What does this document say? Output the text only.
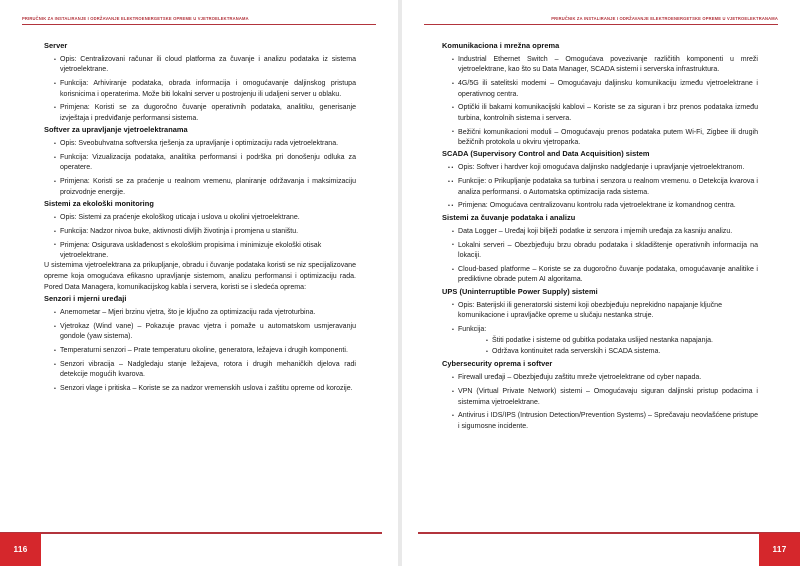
PRIRUČNIK ZA INSTALIRANJE I ODRŽAVANJE ELEKTROENERGETSKE OPREME U VJETROELEKTRANAMA
Server
• Opis: Centralizovani računar ili cloud platforma za čuvanje i analizu podataka iz sistema vjetroelektrane.
• Funkcija: Arhiviranje podataka, obrada informacija i omogućavanje daljinskog pristupa korisnicima i operaterima. Može biti lokalni server u postrojenju ili udaljeni server u oblaku.
• Primjena: Koristi se za dugoročno čuvanje operativnih podataka, analitiku, generisanje izvještaja i predviđanje performansi sistema.
Softver za upravljanje vjetroelektranama
• Opis: Sveobuhvatna softverska rješenja za upravljanje i optimizaciju rada vjetroelektrana.
• Funkcija: Vizualizacija podataka, analitika performansi i podrška pri donošenju odluka za operatere.
• Primjena: Koristi se za praćenje u realnom vremenu, planiranje održavanja i maksimizaciju proizvodnje energije.
Sistemi za ekološki monitoring
• Opis: Sistemi za praćenje ekološkog uticaja i uslova u okolini vjetroelektrane.
• Funkcija: Nadzor nivoa buke, aktivnosti divljih životinja i promjena u staništu.
• Primjena: Osigurava usklađenost s ekološkim propisima i minimizuje ekološki otisak vjetroelektrane.

U sistemima vjetroelektrana za prikupljanje, obradu i čuvanje podataka koristi se niz specijalizovane opreme koja omogućava efikasno upravljanje sistemom, analizu performansi i optimizaciju rada. Pored Data Managera, komunikacijskog kabla i servera, koristi se i sledeća oprema:

Senzori i mjerni uređaji
• Anemometar – Mjeri brzinu vjetra, što je ključno za optimizaciju rada vjetroturbina.
• Vjetrokaz (Wind vane) – Pokazuje pravac vjetra i pomaže u automatskom usmjeravanju gondole (yaw sistema).
• Temperaturni senzori – Prate temperaturu okoline, generatora, ležajeva i drugih komponenti.
• Senzori vibracija – Nadgledaju stanje ležajeva, rotora i drugih mehaničkih djelova radi detekcije mogućih kvarova.
• Senzori vlage i pritiska – Koriste se za nadzor vremenskih uslova i zaštitu opreme od korozije.
116
PRIRUČNIK ZA INSTALIRANJE I ODRŽAVANJE ELEKTROENERGETSKE OPREME U VJETROELEKTRANAMA
Komunikaciona i mrežna oprema
• Industrial Ethernet Switch – Omogućava povezivanje različitih komponenti u mreži vjetroelektrane, kao što su Data Manager, SCADA sistemi i serverska infrastruktura.
• 4G/5G ili satelitski modemi – Omogućavaju daljinsku komunikaciju između vjetroelektrane i operativnog centra.
• Optički ili bakarni komunikacijski kablovi – Koriste se za siguran i brz prenos podataka između turbina, kontrolnih sistema i servera.
• Bežični komunikacioni moduli – Omogućavaju prenos podataka putem Wi-Fi, Zigbee ili drugih bežičnih protokola u okviru vjetroparka.
SCADA (Supervisory Control and Data Acquisition) sistem
• • Opis: Softver i hardver koji omogućava daljinsko nadgledanje i upravljanje vjetroelektranom.
• • Funkcije: o Prikupljanje podataka sa turbina i senzora u realnom vremenu. o Detekcija kvarova i analiza performansi. o Automatska optimizacija rada sistema.
• • Primjena: Omogućava centralizovanu kontrolu rada vjetroelektrane iz komandnog centra.
Sistemi za čuvanje podataka i analizu
• Data Logger – Uređaj koji bilježi podatke iz senzora i mjernih uređaja za kasniju analizu.
• Lokalni serveri – Obezbjeđuju brzu obradu podataka i skladištenje operativnih informacija na lokaciji.
• Cloud-based platforme – Koriste se za dugoročno čuvanje podataka, omogućavanje analitike i prediktivne obrade putem AI algoritama.
UPS (Uninterruptible Power Supply) sistemi
• Opis: Baterijski ili generatorski sistemi koji obezbjeđuju neprekidno napajanje ključne komunikacione i upravljačke opreme u slučaju nestanka struje.
• Funkcija:
• Štiti podatke i sisteme od gubitka podataka uslijed nestanka napajanja.
• Održava kontinuitet rada serverskih i SCADA sistema.
Cybersecurity oprema i softver
• Firewall uređaji – Obezbjeđuju zaštitu mreže vjetroelektrane od cyber napada.
• VPN (Virtual Private Network) sistemi – Omogućavaju siguran daljinski pristup podacima i sistemima vjetroelektrane.
• Antivirus i IDS/IPS (Intrusion Detection/Prevention Systems) – Sprečavaju neovlašćene pristupe i sigurnosne incidente.
117
